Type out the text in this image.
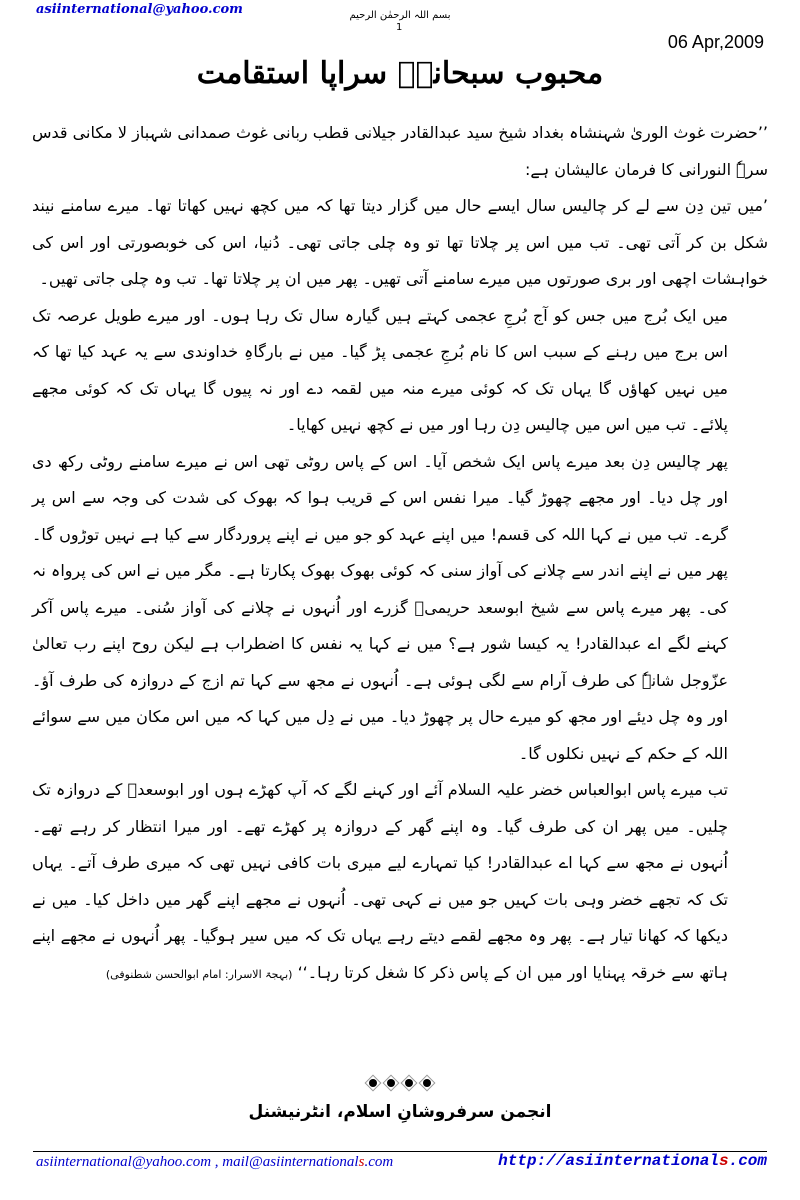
asiinternational@yahoo.com	بسم اللہ الرحمٰن الرحیم
1
06 Apr,2009
محبوب سبحانیؒ سراپا استقامت

’’حضرت غوث الوریٰ شہنشاہ بغداد شیخ سید عبدالقادر جیلانی قطب ربانی غوث صمدانی شہباز لا مکانی قدس سرہٗ النورانی کا فرمان عالیشان ہے:

’میں تین دِن سے لے کر چالیس سال ایسے حال میں گزار دیتا تھا کہ میں کچھ نہیں کھاتا تھا۔ میرے سامنے نیند شکل بن کر آتی تھی۔ تب میں اس پر چلاتا تھا تو وہ چلی جاتی تھی۔ دُنیا، اس کی خوبصورتی اور اس کی خواہشات اچھی اور بری صورتوں میں میرے سامنے آتی تھیں۔ پھر میں ان پر چلاتا تھا۔ تب وہ چلی جاتی تھیں۔

میں ایک بُرج میں جس کو آج بُرجِ عجمی کہتے ہیں گیارہ سال تک رہا ہوں۔ اور میرے طویل عرصہ تک اس برج میں رہنے کے سبب اس کا نام بُرجِ عجمی پڑ گیا۔ میں نے بارگاہِ خداوندی سے یہ عہد کیا تھا کہ میں نہیں کھاؤں گا یہاں تک کہ کوئی میرے منہ میں لقمہ دے اور نہ پیوں گا یہاں تک کہ کوئی مجھے پلائے۔ تب میں اس میں چالیس دِن رہا اور میں نے کچھ نہیں کھایا۔

پھر چالیس دِن بعد میرے پاس ایک شخص آیا۔ اس کے پاس روٹی تھی اس نے میرے سامنے روٹی رکھ دی اور چل دیا۔ اور مجھے چھوڑ گیا۔ میرا نفس اس کے قریب ہوا کہ بھوک کی شدت کی وجہ سے اس پر گرے۔ تب میں نے کہا اللہ کی قسم! میں اپنے عہد کو جو میں نے اپنے پروردگار سے کیا ہے نہیں توڑوں گا۔ پھر میں نے اپنے اندر سے چلانے کی آواز سنی کہ کوئی بھوک بھوک پکارتا ہے۔ مگر میں نے اس کی پرواہ نہ کی۔ پھر میرے پاس سے شیخ ابوسعد حریمیؒ گزرے اور اُنہوں نے چلانے کی آواز سُنی۔ میرے پاس آکر کہنے لگے اے عبدالقادر! یہ کیسا شور ہے؟ میں نے کہا یہ نفس کا اضطراب ہے لیکن روح اپنے رب تعالیٰ عزّوجل شانہٗ کی طرف آرام سے لگی ہوئی ہے۔ اُنہوں نے مجھ سے کہا تم ازج کے دروازہ کی طرف آؤ۔ اور وہ چل دیئے اور مجھ کو میرے حال پر چھوڑ دیا۔ میں نے دِل میں کہا کہ میں اس مکان میں سے سوائے اللہ کے حکم کے نہیں نکلوں گا۔

تب میرے پاس ابوالعباس خضر علیہ السلام آئے اور کہنے لگے کہ آپ کھڑے ہوں اور ابوسعدؒ کے دروازہ تک چلیں۔ میں پھر ان کی طرف گیا۔ وہ اپنے گھر کے دروازہ پر کھڑے تھے۔ اور میرا انتظار کر رہے تھے۔ اُنہوں نے مجھ سے کہا اے عبدالقادر! کیا تمہارے لیے میری بات کافی نہیں تھی کہ میری طرف آتے۔ یہاں تک کہ تجھے خضر وہی بات کہیں جو میں نے کہی تھی۔ اُنہوں نے مجھے اپنے گھر میں داخل کیا۔ میں نے دیکھا کہ کھانا تیار ہے۔ پھر وہ مجھے لقمے دیتے رہے یہاں تک کہ میں سیر ہوگیا۔ پھر اُنہوں نے مجھے اپنے ہاتھ سے خرقہ پہنایا اور میں ان کے پاس ذکر کا شغل کرتا رہا۔‘‘ (بہجۃ الاسرار: امام ابوالحسن شطنوفی)

انجمن سرفروشانِ اسلام، انٹرنیشنل
asiinternational@yahoo.com , mail@asiinternationals.com	http://asiinternationals.com
